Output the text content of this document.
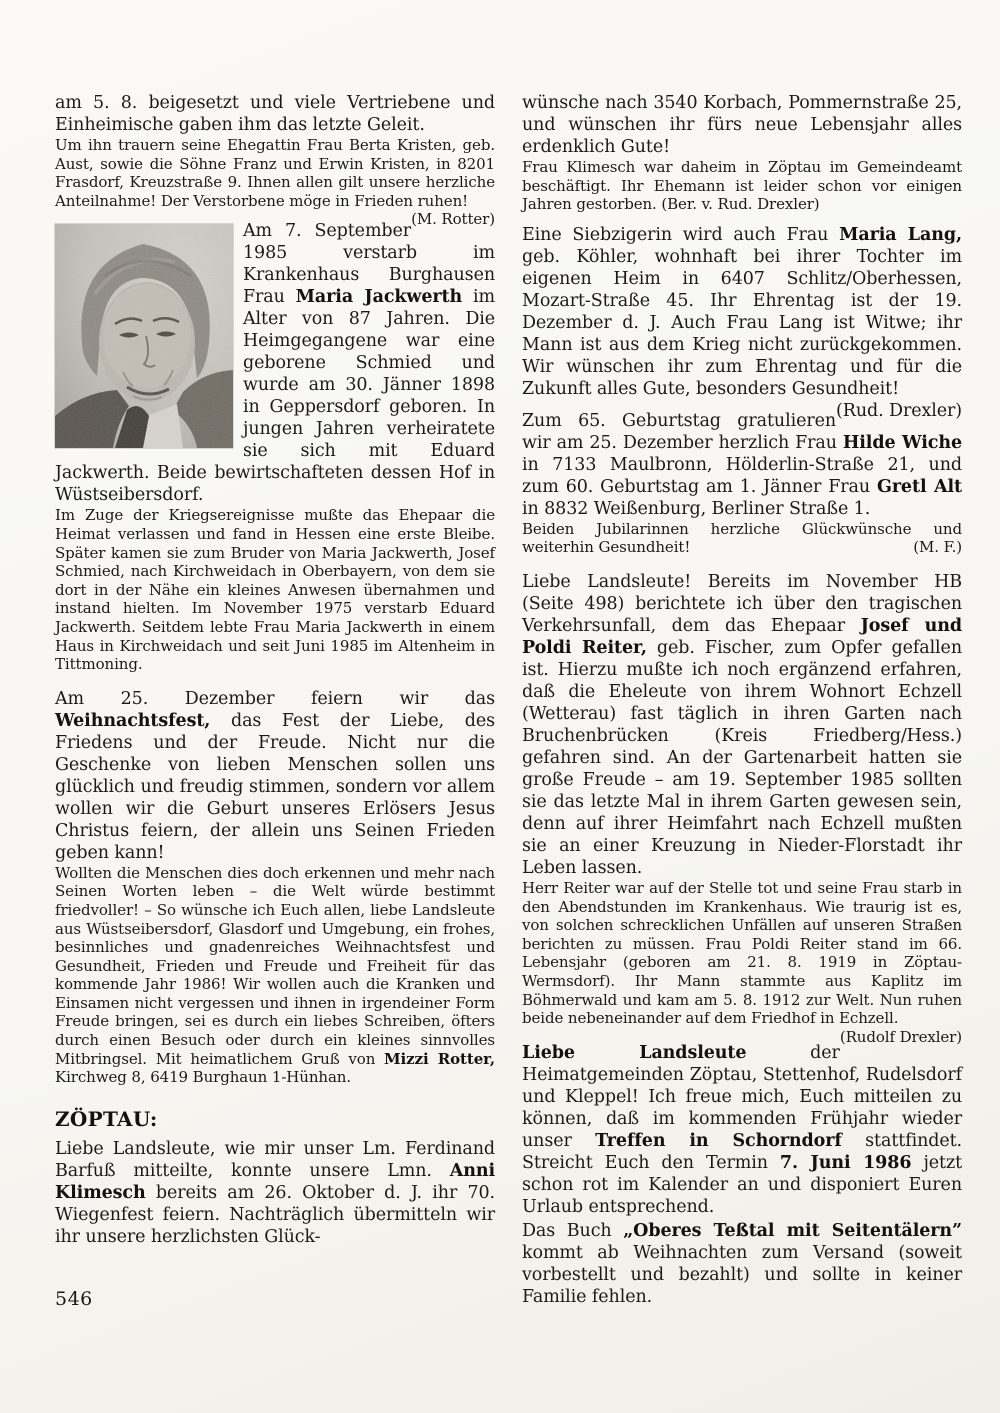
am 5. 8. beigesetzt und viele Vertriebene und Einheimische gaben ihm das letzte Geleit.

Um ihn trauern seine Ehegattin Frau Berta Kristen, geb. Aust, sowie die Söhne Franz und Erwin Kristen, in 8201 Frasdorf, Kreuzstraße 9. Ihnen allen gilt unsere herzliche Anteilnahme! Der Verstorbene möge in Frieden ruhen!
(M. Rotter)

Am 7. September 1985 verstarb im Krankenhaus Burghausen Frau Maria Jackwerth im Alter von 87 Jahren. Die Heimgegangene war eine geborene Schmied und wurde am 30. Jänner 1898 in Geppersdorf geboren. In jungen Jahren verheiratete sie sich mit Eduard Jackwerth. Beide bewirtschafteten dessen Hof in Wüstseibersdorf.

Im Zuge der Kriegsereignisse mußte das Ehepaar die Heimat verlassen und fand in Hessen eine erste Bleibe. Später kamen sie zum Bruder von Maria Jackwerth, Josef Schmied, nach Kirchweidach in Oberbayern, von dem sie dort in der Nähe ein kleines Anwesen übernahmen und instand hielten. Im November 1975 verstarb Eduard Jackwerth. Seitdem lebte Frau Maria Jackwerth in einem Haus in Kirchweidach und seit Juni 1985 im Altenheim in Tittmoning.

Am 25. Dezember feiern wir das Weihnachtsfest, das Fest der Liebe, des Friedens und der Freude. Nicht nur die Geschenke von lieben Menschen sollen uns glücklich und freudig stimmen, sondern vor allem wollen wir die Geburt unseres Erlösers Jesus Christus feiern, der allein uns Seinen Frieden geben kann!

Wollten die Menschen dies doch erkennen und mehr nach Seinen Worten leben – die Welt würde bestimmt friedvoller! – So wünsche ich Euch allen, liebe Landsleute aus Wüstseibersdorf, Glasdorf und Umgebung, ein frohes, besinnliches und gnadenreiches Weihnachtsfest und Gesundheit, Frieden und Freude und Freiheit für das kommende Jahr 1986! Wir wollen auch die Kranken und Einsamen nicht vergessen und ihnen in irgendeiner Form Freude bringen, sei es durch ein liebes Schreiben, öfters durch einen Besuch oder durch ein kleines sinnvolles Mitbringsel. Mit heimatlichem Gruß von Mizzi Rotter, Kirchweg 8, 6419 Burghaun 1-Hünhan.

ZÖPTAU:

Liebe Landsleute, wie mir unser Lm. Ferdinand Barfuß mitteilte, konnte unsere Lmn. Anni Klimesch bereits am 26. Oktober d. J. ihr 70. Wiegenfest feiern. Nachträglich übermitteln wir ihr unsere herzlichsten Glück-

wünsche nach 3540 Korbach, Pommernstraße 25, und wünschen ihr fürs neue Lebensjahr alles erdenklich Gute!

Frau Klimesch war daheim in Zöptau im Gemeindeamt beschäftigt. Ihr Ehemann ist leider schon vor einigen Jahren gestorben. (Ber. v. Rud. Drexler)

Eine Siebzigerin wird auch Frau Maria Lang, geb. Köhler, wohnhaft bei ihrer Tochter im eigenen Heim in 6407 Schlitz/Oberhessen, Mozart-Straße 45. Ihr Ehrentag ist der 19. Dezember d. J. Auch Frau Lang ist Witwe; ihr Mann ist aus dem Krieg nicht zurückgekommen. Wir wünschen ihr zum Ehrentag und für die Zukunft alles Gute, besonders Gesundheit!
(Rud. Drexler)

Zum 65. Geburtstag gratulieren wir am 25. Dezember herzlich Frau Hilde Wiche in 7133 Maulbronn, Hölderlin-Straße 21, und zum 60. Geburtstag am 1. Jänner Frau Gretl Alt in 8832 Weißenburg, Berliner Straße 1.

Beiden Jubilarinnen herzliche Glückwünsche und weiterhin Gesundheit!	(M. F.)

Liebe Landsleute! Bereits im November HB (Seite 498) berichtete ich über den tragischen Verkehrsunfall, dem das Ehepaar Josef und Poldi Reiter, geb. Fischer, zum Opfer gefallen ist. Hierzu mußte ich noch ergänzend erfahren, daß die Eheleute von ihrem Wohnort Echzell (Wetterau) fast täglich in ihren Garten nach Bruchenbrücken (Kreis Friedberg/Hess.) gefahren sind. An der Gartenarbeit hatten sie große Freude – am 19. September 1985 sollten sie das letzte Mal in ihrem Garten gewesen sein, denn auf ihrer Heimfahrt nach Echzell mußten sie an einer Kreuzung in Nieder-Florstadt ihr Leben lassen.

Herr Reiter war auf der Stelle tot und seine Frau starb in den Abendstunden im Krankenhaus. Wie traurig ist es, von solchen schrecklichen Unfällen auf unseren Straßen berichten zu müssen. Frau Poldi Reiter stand im 66. Lebensjahr (geboren am 21. 8. 1919 in Zöptau-Wermsdorf). Ihr Mann stammte aus Kaplitz im Böhmerwald und kam am 5. 8. 1912 zur Welt. Nun ruhen beide nebeneinander auf dem Friedhof in Echzell.
(Rudolf Drexler)

Liebe Landsleute der Heimatgemeinden Zöptau, Stettenhof, Rudelsdorf und Kleppel! Ich freue mich, Euch mitteilen zu können, daß im kommenden Frühjahr wieder unser Treffen in Schorndorf stattfindet. Streicht Euch den Termin 7. Juni 1986 jetzt schon rot im Kalender an und disponiert Euren Urlaub entsprechend.

Das Buch „Oberes Teßtal mit Seitentälern” kommt ab Weihnachten zum Versand (soweit vorbestellt und bezahlt) und sollte in keiner Familie fehlen.

546
